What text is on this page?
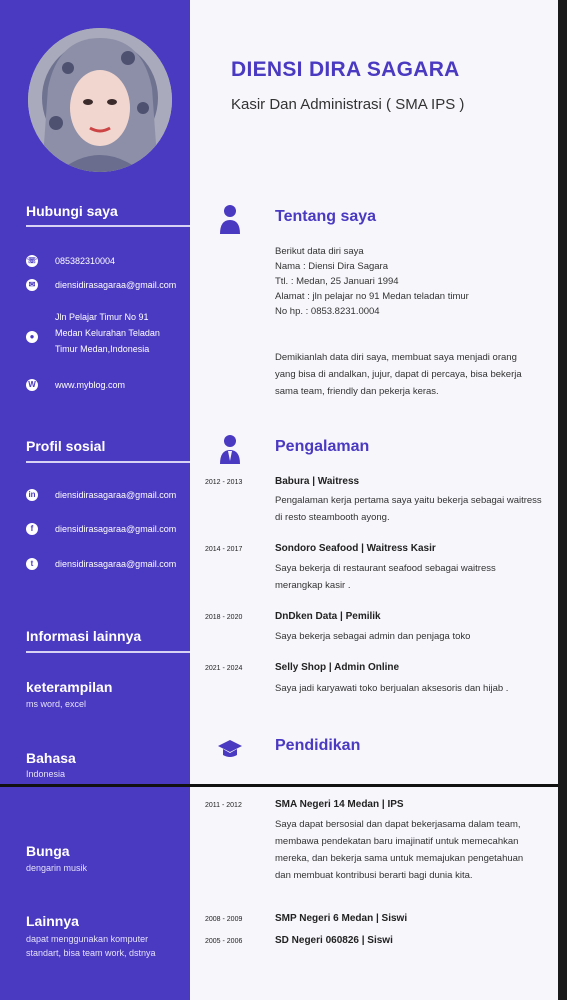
Hubungi saya
☏ 085382310004
✉ diensidirasagaraa@gmail.com
●
Jln Pelajar Timur No 91 Medan Kelurahan Teladan Timur Medan,Indonesia
W www.myblog.com
Profil sosial
in diensidirasagaraa@gmail.com
f	diensidirasagaraa@gmail.com
t	diensidirasagaraa@gmail.com
Informasi lainnya
keterampilan
ms word, excel
Bahasa
Indonesia
Bunga
dengarin musik
Lainnya
dapat menggunakan komputer standart, bisa team work, dstnya
DIENSI DIRA SAGARA
Kasir Dan Administrasi ( SMA IPS )
Tentang saya
Berikut data diri saya
Nama : Diensi Dira Sagara
Ttl. : Medan, 25 Januari 1994
Alamat : jln pelajar no 91 Medan teladan timur
No hp. : 0853.8231.0004
Demikianlah data diri saya, membuat saya menjadi orang yang bisa di andalkan, jujur, dapat di percaya, bisa bekerja sama team, friendly dan pekerja keras.
Pengalaman
2012 - 2013	Babura | Waitress
Pengalaman kerja pertama saya yaitu bekerja sebagai waitress di resto steambooth ayong.
2014 - 2017	Sondoro Seafood | Waitress Kasir
Saya bekerja di restaurant seafood sebagai waitress merangkap kasir .
2018 - 2020	DnDken Data | Pemilik
Saya bekerja sebagai admin dan penjaga toko
2021 - 2024	Selly Shop | Admin Online
Saya jadi karyawati toko berjualan aksesoris dan hijab .
Pendidikan
2011 - 2012	SMA Negeri 14 Medan | IPS
Saya dapat bersosial dan dapat bekerjasama dalam team, membawa pendekatan baru imajinatif untuk memecahkan mereka, dan bekerja sama untuk memajukan pengetahuan dan membuat kontribusi berarti bagi dunia kita.
2008 - 2009	SMP Negeri 6 Medan | Siswi
2005 - 2006	SD Negeri 060826 | Siswi
